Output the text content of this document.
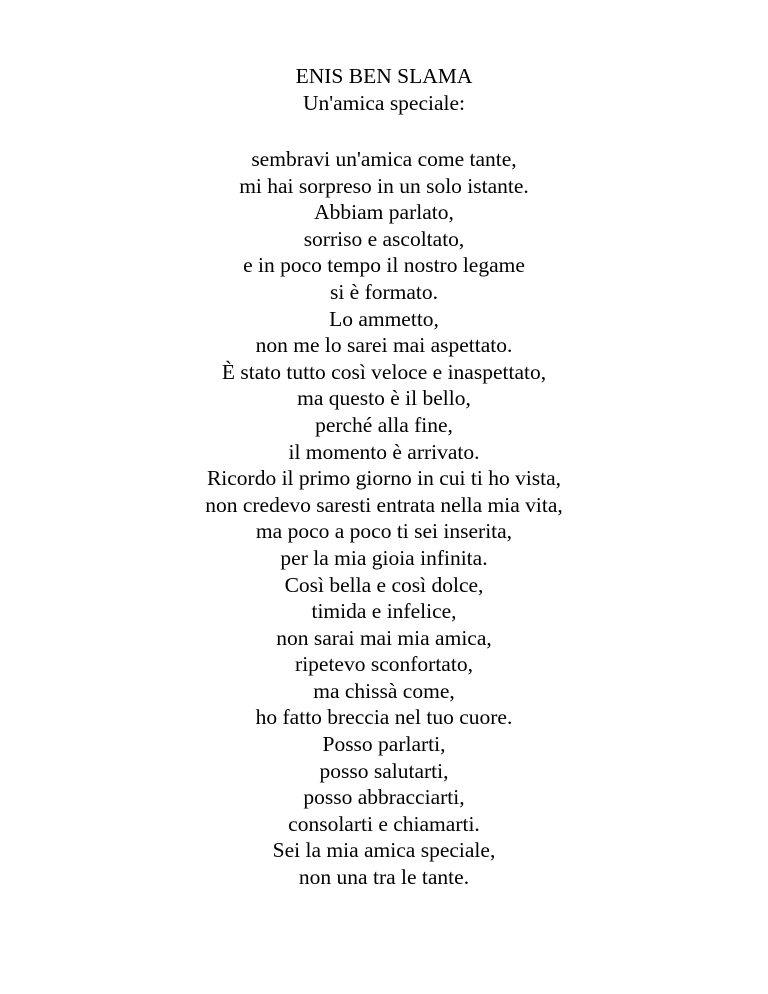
ENIS BEN SLAMA
Un'amica speciale:
sembravi un'amica come tante,
mi hai sorpreso in un solo istante.
Abbiam parlato,
sorriso e ascoltato,
e in poco tempo il nostro legame
si è formato.
Lo ammetto,
non me lo sarei mai aspettato.
È stato tutto così veloce e inaspettato,
ma questo è il bello,
perché alla fine,
il momento è arrivato.
Ricordo il primo giorno in cui ti ho vista,
non credevo saresti entrata nella mia vita,
ma poco a poco ti sei inserita,
per la mia gioia infinita.
Così bella e così dolce,
timida e infelice,
non sarai mai mia amica,
ripetevo sconfortato,
ma chissà come,
ho fatto breccia nel tuo cuore.
Posso parlarti,
posso salutarti,
posso abbracciarti,
consolarti e chiamarti.
Sei la mia amica speciale,
non una tra le tante.
